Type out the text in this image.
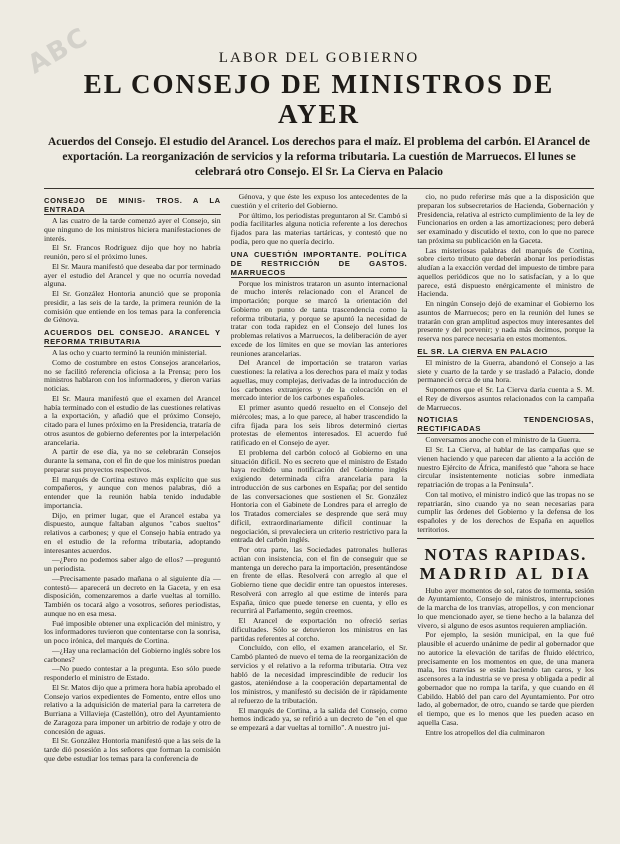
ABC	LABOR DEL GOBIERNO
EL CONSEJO DE MINISTROS DE AYER
Acuerdos del Consejo. El estudio del Arancel. Los derechos para el maíz. El problema del carbón. El Arancel de exportación. La reorganización de servicios y la reforma tributaria. La cuestión de Marruecos. El lunes se celebrará otro Consejo. El Sr. La Cierva en Palacio
CONSEJO DE MINIS- TROS. A LA ENTRADA

A las cuatro de la tarde comenzó ayer el Consejo, sin que ninguno de los ministros hiciera manifestaciones de interés.

El Sr. Francos Rodríguez dijo que hoy no habría reunión, pero sí el próximo lunes.

El Sr. Maura manifestó que deseaba dar por terminado ayer el estudio del Arancel y que no ocurría novedad alguna.

El Sr. González Hontoria anunció que se proponía presidir, a las seis de la tarde, la primera reunión de la comisión que entiende en los temas para la conferencia de Génova.

ACUERDOS DEL CONSEJO. ARANCEL Y REFORMA TRIBUTARIA

A las ocho y cuarto terminó la reunión ministerial.

Como de costumbre en estos Consejos arancelarios, no se facilitó referencia oficiosa a la Prensa; pero los ministros hablaron con los informadores, y dieron varias noticias.

El Sr. Maura manifestó que el examen del Arancel había terminado con el estudio de las cuestiones relativas a la exportación, y añadió que el próximo Consejo, citado para el lunes próximo en la Presidencia, trataría de otros asuntos de gobierno deferentes por la interpelación arancelaria.

A partir de ese día, ya no se celebrarán Consejos durante la semana, con el fin de que los ministros puedan preparar sus proyectos respectivos.

El marqués de Cortina estuvo más explícito que sus compañeros, y aunque con menos palabras, dió a entender que la reunión había tenido indudable importancia.

Dijo, en primer lugar, que el Arancel estaba ya dispuesto, aunque faltaban algunos "cabos sueltos" relativos a carbones; y que el Consejo había entrado ya en el estudio de la reforma tributaria, adoptando interesantes acuerdos.

—¿Pero no podemos saber algo de ellos? —preguntó un periodista.

—Precisamente pasado mañana o al siguiente día —contestó— aparecerá un decreto en la Gaceta, y en esa disposición, comenzaremos a darle vueltas al tornillo. También os tocará algo a vosotros, señores periodistas, aunque no en esa mesa.

Fué imposible obtener una explicación del ministro, y los informadores tuvieron que contentarse con la sonrisa, un poco irónica, del marqués de Cortina.

—¿Hay una reclamación del Gobierno inglés sobre los carbones?

—No puedo contestar a la pregunta. Eso sólo puede responderlo el ministro de Estado.

El Sr. Matos dijo que a primera hora había aprobado el Consejo varios expedientes de Fomento, entre ellos uno relativo a la adquisición de material para la carretera de Burriana a Villavieja (Castellón), otro del Ayuntamiento de Zaragoza para imponer un arbitrio de rodaje y otro de concesión de aguas.

El Sr. González Hontoria manifestó que a las seis de la tarde dió posesión a los señores que forman la comisión que debe estudiar los temas para la conferencia de

Génova, y que éste les expuso los antecedentes de la cuestión y el criterio del Gobierno.

Por último, los periodistas preguntaron al Sr. Cambó si podía facilitarles alguna noticia referente a los derechos fijados para las materias tartáricas, y contestó que no podía, pero que no quería decirlo.

UNA CUESTIÓN IMPORTANTE. POLÍTICA DE RESTRICCIÓN DE GASTOS. MARRUECOS

Porque los ministros trataron un asunto internacional de mucho interés relacionado con el Arancel de importación; porque se marcó la orientación del Gobierno en punto de tanta trascendencia como la reforma tributaria, y porque se apuntó la necesidad de tratar con toda rapidez en el Consejo del lunes los problemas relativos a Marruecos, la deliberación de ayer excede de los límites en que se movían las anteriores reuniones arancelarias.

Del Arancel de importación se trataron varias cuestiones: la relativa a los derechos para el maíz y todas aquellas, muy complejas, derivadas de la introducción de los carbones extranjeros y de la colocación en el mercado interior de los carbones españoles.

El primer asunto quedó resuelto en el Consejo del miércoles; mas, a lo que parece, al haber trascendido la cifra fijada para los seis libros determinó ciertas protestas de elementos interesados. El acuerdo fué ratificado en el Consejo de ayer.

El problema del carbón colocó al Gobierno en una situación difícil. No es secreto que el ministro de Estado haya recibido una notificación del Gobierno inglés exigiendo determinada cifra arancelaria para la introducción de sus carbones en España; por del sentido de las conversaciones que sostienen el Sr. González Hontoria con el Gabinete de Londres para el arreglo de los Tratados comerciales se desprende que será muy difícil, extraordinariamente difícil continuar la negociación, si prevaleciera un criterio restrictivo para la entrada del carbón inglés.

Por otra parte, las Sociedades patronales hulleras actúan con insistencia, con el fin de conseguir que se mantenga un derecho para la importación, presentándose en frente de ellas. Resolverá con arreglo al que el Gobierno tiene que decidir entre tan opuestos intereses. Resolverá con arreglo al que estime de interés para España, único que puede tenerse en cuenta, y ello es recurrirá al Parlamento, según creemos.

El Arancel de exportación no ofreció serias dificultades. Sólo se detuvieron los ministros en las partidas referentes al corcho.

Concluído, con ello, el examen arancelario, el Sr. Cambó planteó de nuevo el tema de la reorganización de servicios y el relativo a la reforma tributaria. Otra vez habló de la necesidad imprescindible de reducir los gastos, ateniéndose a la cooperación departamental de los ministros, y manifestó su decisión de ir rápidamente al refuerzo de la tributación.

El marqués de Cortina, a la salida del Consejo, como hemos indicado ya, se refirió a un decreto de "en el que se empezará a dar vueltas al tornillo". A nuestro jui-

cio, no pudo referirse más que a la disposición que preparan los subsecretarios de Hacienda, Gobernación y Presidencia, relativa al estricto cumplimiento de la ley de Funcionarios en orden a las amortizaciones; pero deberá ser examinado y discutido el texto, con lo que no parece tan próxima su publicación en la Gaceta.

Las misteriosas palabras del marqués de Cortina, sobre cierto tributo que deberán abonar los periodistas aludían a la exacción verdad del impuesto de timbre para aquellos periódicos que no lo satisfacían, y a lo que parece, está dispuesto enérgicamente el ministro de Hacienda.

En ningún Consejo dejó de examinar el Gobierno los asuntos de Marruecos; pero en la reunión del lunes se tratarán con gran amplitud aspectos muy interesantes del presente y del porvenir; y nada más decimos, porque la reserva nos parece necesaria en estos momentos.

EL SR. LA CIERVA EN PALACIO

El ministro de la Guerra, abandonó el Consejo a las siete y cuarto de la tarde y se trasladó a Palacio, donde permaneció cerca de una hora.

Suponemos que el Sr. La Cierva daría cuenta a S. M. el Rey de diversos asuntos relacionados con la campaña de Marruecos.

NOTICIAS TENDENCIOSAS, RECTIFICADAS

Conversamos anoche con el ministro de la Guerra.

El Sr. La Cierva, al hablar de las campañas que se vienen haciendo y que parecen dar aliento a la acción de nuestro Ejército de África, manifestó que "ahora se hace circular insistentemente noticias sobre inmediata repatriación de tropas a la Península".

Con tal motivo, el ministro indicó que las tropas no se repatriarán, sino cuando ya no sean necesarias para cumplir las órdenes del Gobierno y la defensa de los españoles y de los derechos de España en aquellos territorios.

NOTAS RAPIDAS.
MADRID AL DIA

Hubo ayer momentos de sol, ratos de tormenta, sesión de Ayuntamiento, Consejo de ministros, interrupciones de la marcha de los tranvías, atropellos, y con mencionar lo que mencionado ayer, se tiene hecho a la balanza del vivero, si alguno de esos asuntos requieren ampliación.

Por ejemplo, la sesión municipal, en la que fué plausible el acuerdo unánime de pedir al gobernador que no autorice la elevación de tarifas de fluido eléctrico, precisamente en los momentos en que, de una manera mala, los tranvías se están haciendo tan caros, y los ascensores a la industria se ve presa y obligada a pedir al gobernador que no rompa la tarifa, y que cuando en él Cabildo. Habló del pan caro del Ayuntamiento. Por otro lado, al gobernador, de otro, cuando se tarde que pierden el tiempo, que es lo menos que les pueden acaso en aquella Casa.

Entre los atropellos del día culminaron
